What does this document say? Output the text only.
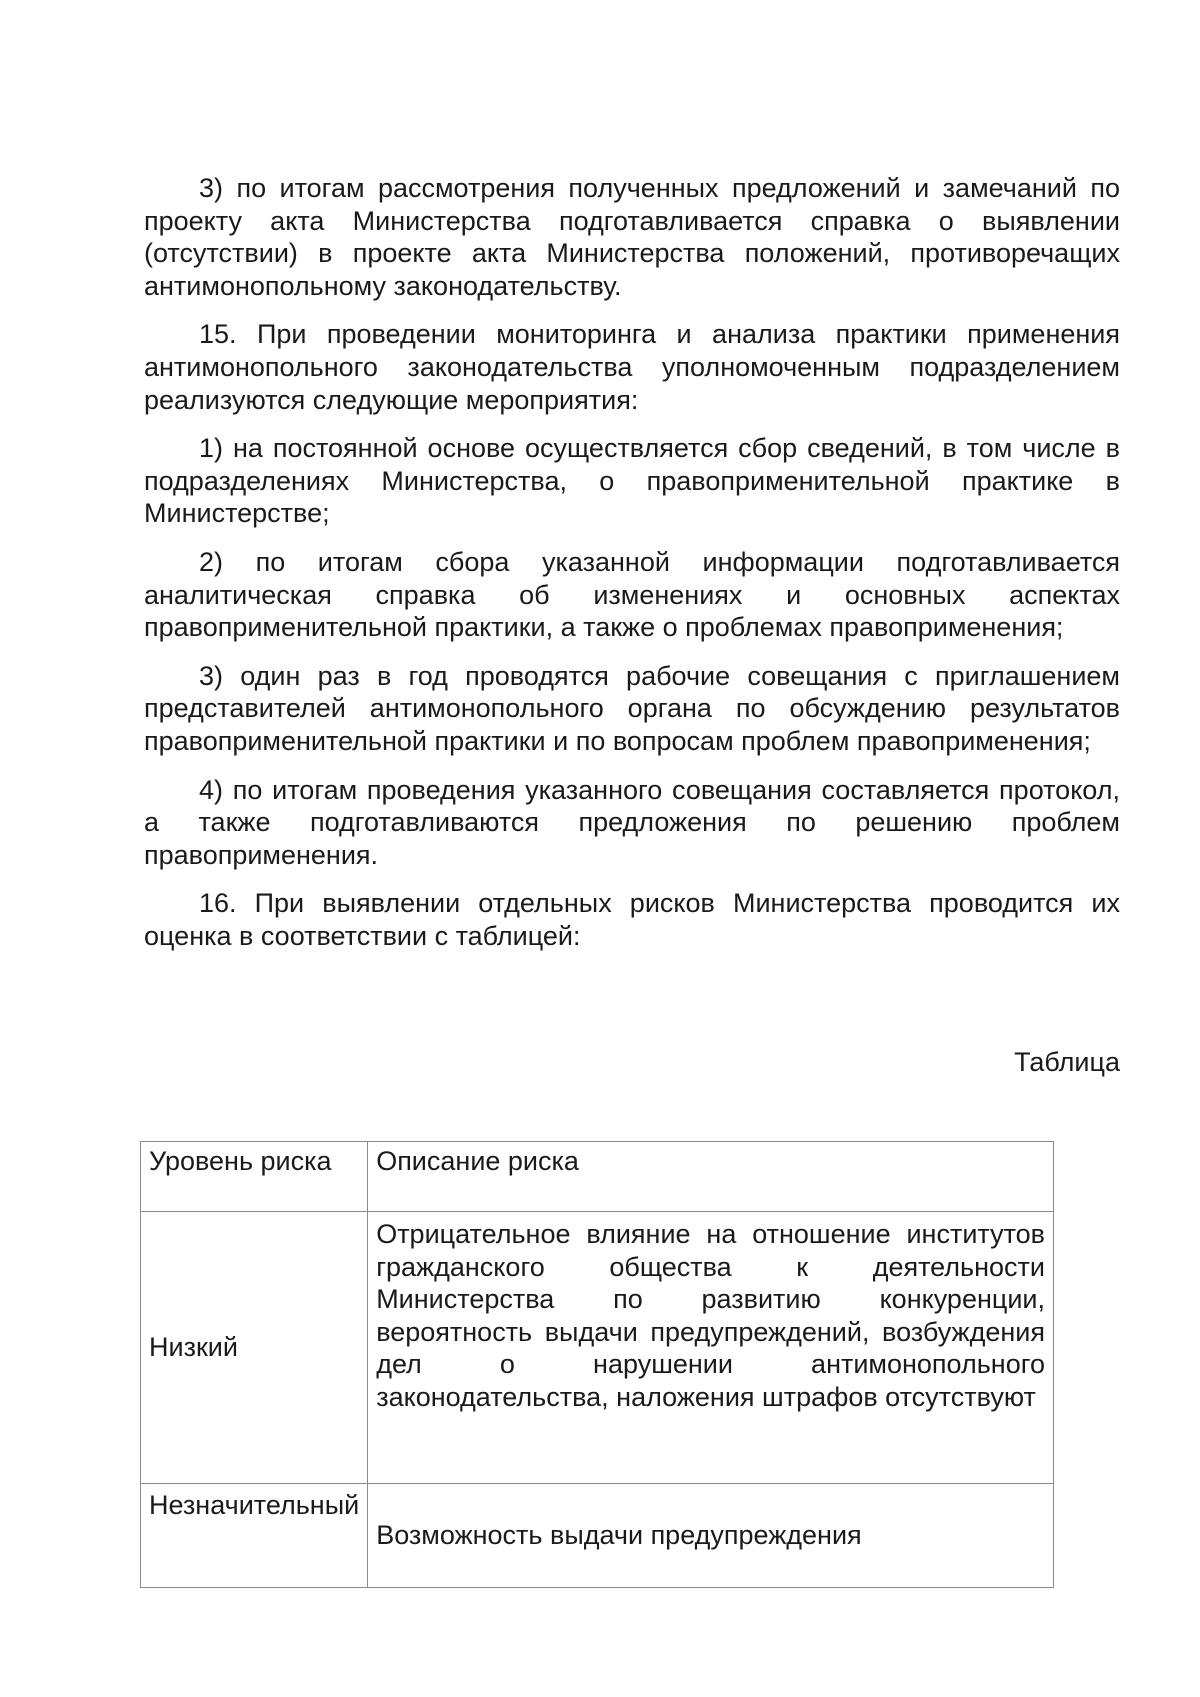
3) по итогам рассмотрения полученных предложений и замечаний по проекту акта Министерства подготавливается справка о выявлении (отсутствии) в проекте акта Министерства положений, противоречащих антимонопольному законодательству.

15. При проведении мониторинга и анализа практики применения антимонопольного законодательства уполномоченным подразделением реализуются следующие мероприятия:

1) на постоянной основе осуществляется сбор сведений, в том числе в подразделениях Министерства, о правоприменительной практике в Министерстве;

2) по итогам сбора указанной информации подготавливается аналитическая справка об изменениях и основных аспектах правоприменительной практики, а также о проблемах правоприменения;

3) один раз в год проводятся рабочие совещания с приглашением представителей антимонопольного органа по обсуждению результатов правоприменительной практики и по вопросам проблем правоприменения;

4) по итогам проведения указанного совещания составляется протокол, а также подготавливаются предложения по решению проблем правоприменения.

16. При выявлении отдельных рисков Министерства проводится их оценка в соответствии с таблицей:

Таблица
Уровень риска	Описание риска
Низкий	Отрицательное влияние на отношение институтов гражданского общества к деятельности Министерства по развитию конкуренции, вероятность выдачи предупреждений, возбуждения дел о нарушении антимонопольного законодательства, наложения штрафов отсутствуют
Незначительный	Возможность выдачи предупреждения
